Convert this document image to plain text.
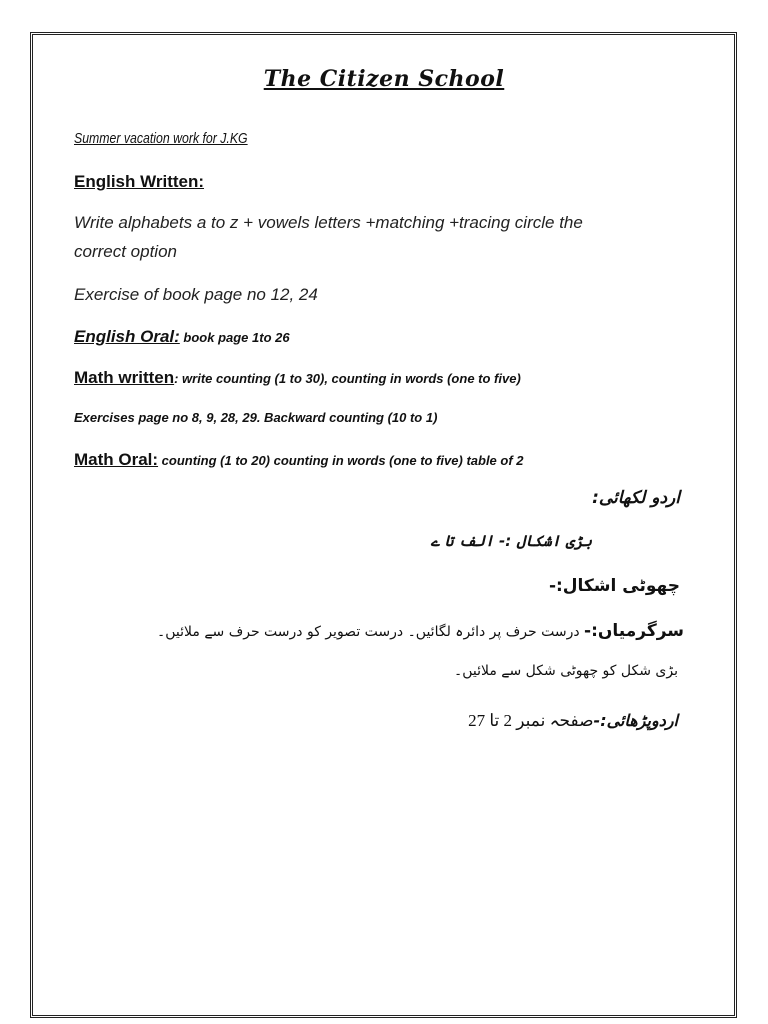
The Citizen School
Summer vacation work for J.KG
English Written:
Write alphabets a to z + vowels letters +matching +tracing circle the
correct option
Exercise of book page no 12, 24
English Oral: book page 1to 26
Math written: write counting (1 to 30), counting in words (one to five)
Exercises page no 8, 9, 28, 29. Backward counting (10 to 1)
Math Oral: counting (1 to 20) counting in words (one to five) table of 2
اردو لکھائی:
بڑی اشکال :- الف تا ے
چھوٹی اشکال:-
سرگرمیاں:- درست حرف پر دائرہ لگائیں۔ درست تصویر کو درست حرف سے ملائیں۔
بڑی شکل کو چھوٹی شکل سے ملائیں۔
اردوپڑھائی:-صفحہ نمبر 2 تا 27
